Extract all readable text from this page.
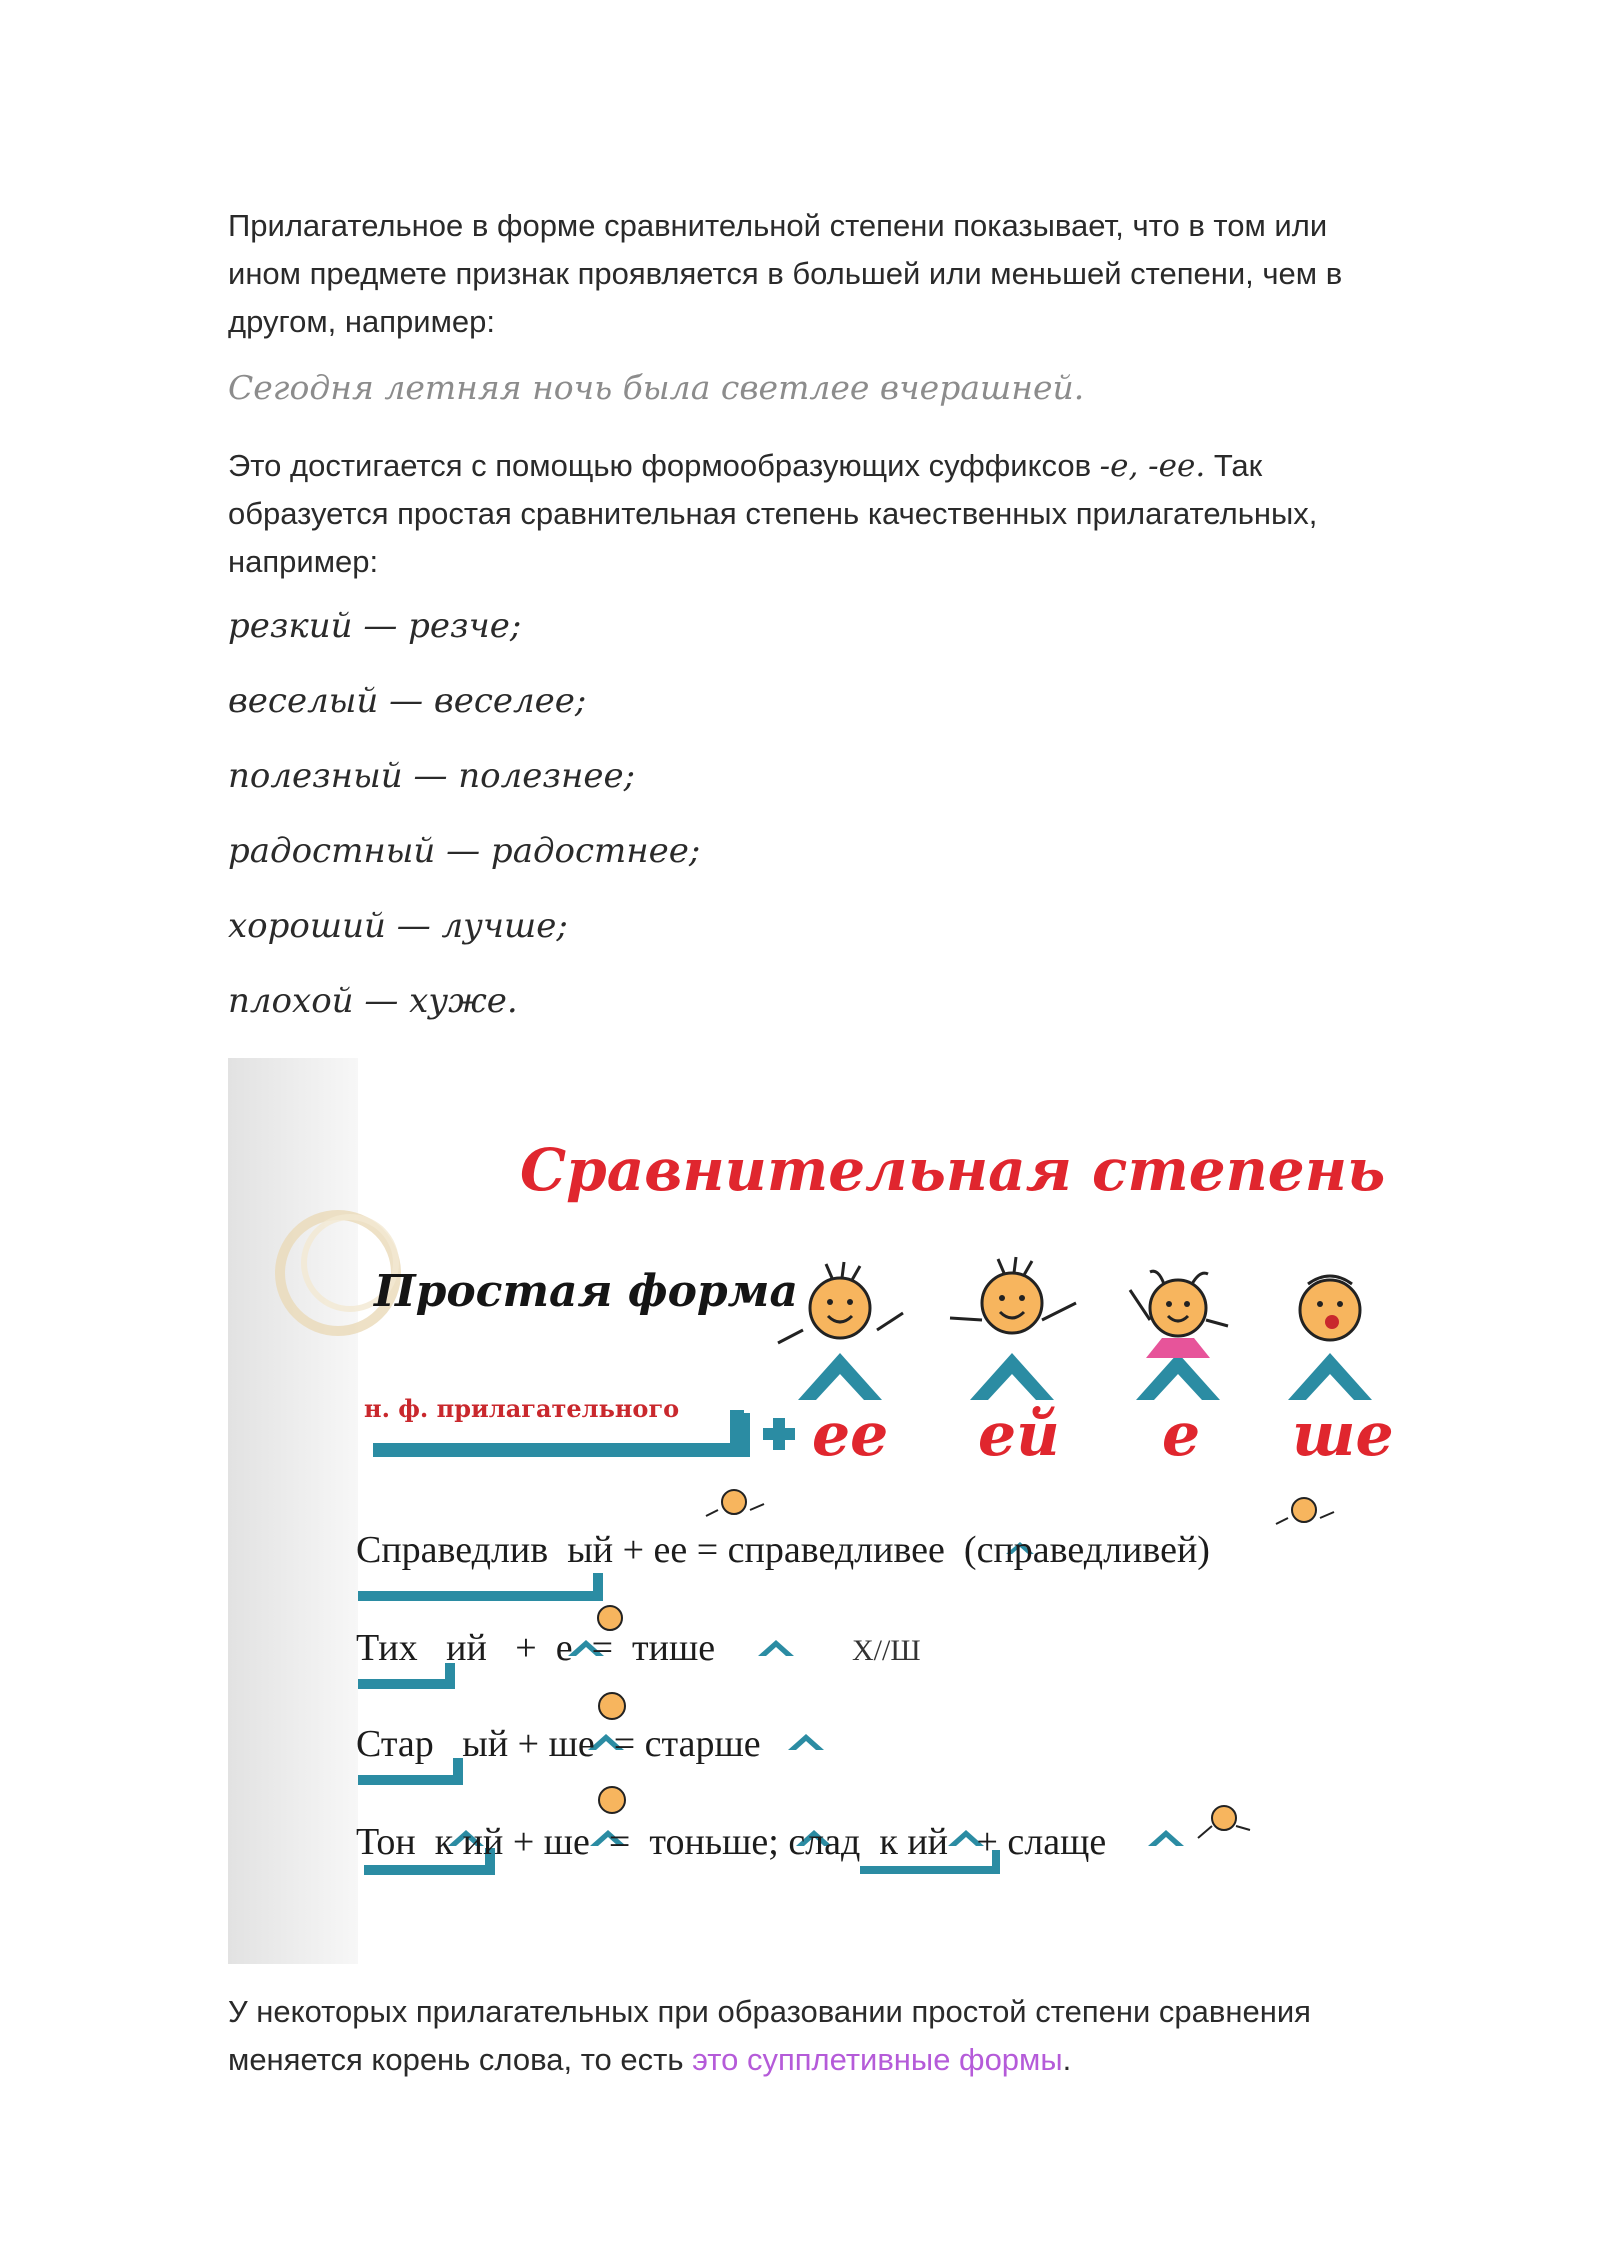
Прилагательное в форме сравнительной степени показывает, что в том или
ином предмете признак проявляется в большей или меньшей степени, чем в
другом, например:

Сегодня летняя ночь была светлее вчерашней.

Это достигается с помощью формообразующих суффиксов -е, -ее. Так
образуется простая сравнительная степень качественных прилагательных,
например:

резкий — резче;

веселый — веселее;

полезный — полезнее;

радостный — радостнее;

хороший — лучше;

плохой — хуже.

Сравнительная степень

Простая форма

н. ф. прилагательного ее ей е ше

Справедлив ый + ее = справедливее (справедливей)

Тих ий + е = тише	Х//Ш

Стар ый + ше = старше

Тон к ий + ше = тоньше; слад к ий + слаще

У некоторых прилагательных при образовании простой степени сравнения
меняется корень слова, то есть это супплетивные формы.
